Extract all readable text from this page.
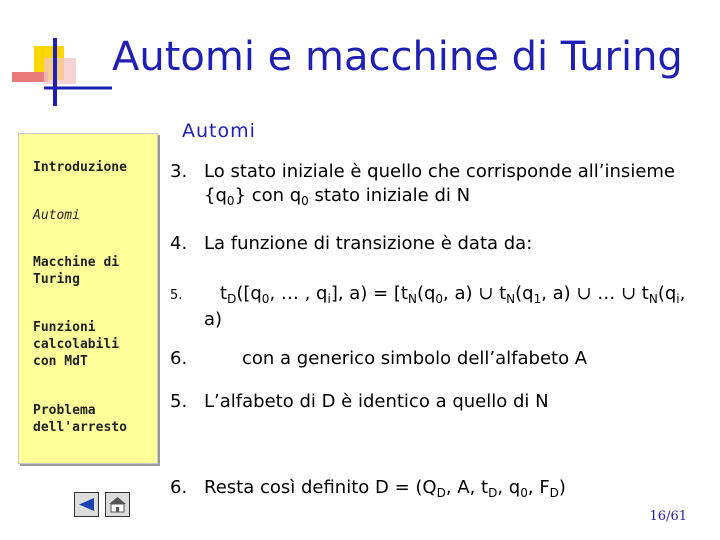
Automi e macchine di Turing
Automi
Introduzione
Automi
Macchine di Turing
Funzioni calcolabili con MdT
Problema dell'arresto
3. Lo stato iniziale è quello che corrisponde all’insieme
$\{q_0\}$ con $q_0$ stato iniziale di N
4. La funzione di transizione è data da:
5. $t_D([q_0$, … , $q_i$], $a) = [t_N(q_0$, a) ∪ $t_N(q_1$, a) ∪ … ∪ $t_N(q_i$,
a)
6.	con a generico simbolo dell’alfabeto A
5. L’alfabeto di D è identico a quello di N
6. Resta così definito $D = (Q_D$, A, $t_D$, $q_0$, $F_D$)
16/61
